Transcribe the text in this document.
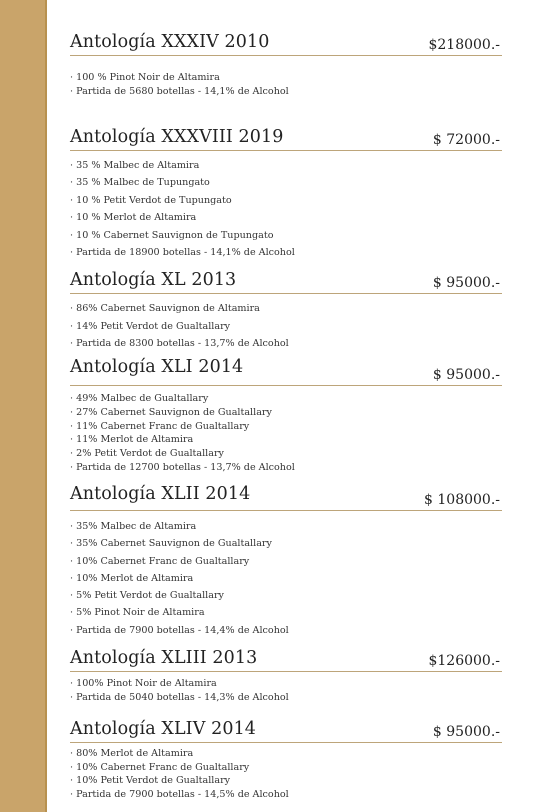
Antología XXXIV 2010	$218000.-
· 100 % Pinot Noir de Altamira
· Partida de 5680 botellas - 14,1% de Alcohol
Antología XXXVIII 2019	$ 72000.-
· 35 % Malbec de Altamira
· 35 % Malbec de Tupungato
· 10 % Petit Verdot de Tupungato
· 10 % Merlot de Altamira
· 10 % Cabernet Sauvignon de Tupungato
· Partida de 18900 botellas - 14,1% de Alcohol
Antología XL 2013	$ 95000.-
· 86% Cabernet Sauvignon de Altamira
· 14% Petit Verdot de Gualtallary
· Partida de 8300 botellas - 13,7% de Alcohol
Antología XLI 2014	$ 95000.-
· 49% Malbec de Gualtallary
· 27% Cabernet Sauvignon de Gualtallary
· 11% Cabernet Franc de Gualtallary
· 11% Merlot de Altamira
· 2% Petit Verdot de Gualtallary
· Partida de 12700 botellas - 13,7% de Alcohol
Antología XLII 2014	$ 108000.-
· 35% Malbec de Altamira
· 35% Cabernet Sauvignon de Gualtallary
· 10% Cabernet Franc de Gualtallary
· 10% Merlot de Altamira
· 5% Petit Verdot de Gualtallary
· 5% Pinot Noir de Altamira
· Partida de 7900 botellas - 14,4% de Alcohol
Antología XLIII 2013	$126000.-
· 100% Pinot Noir de Altamira
· Partida de 5040 botellas - 14,3% de Alcohol
Antología XLIV 2014	$ 95000.-
· 80% Merlot de Altamira
· 10% Cabernet Franc de Gualtallary
· 10% Petit Verdot de Gualtallary
· Partida de 7900 botellas - 14,5% de Alcohol
